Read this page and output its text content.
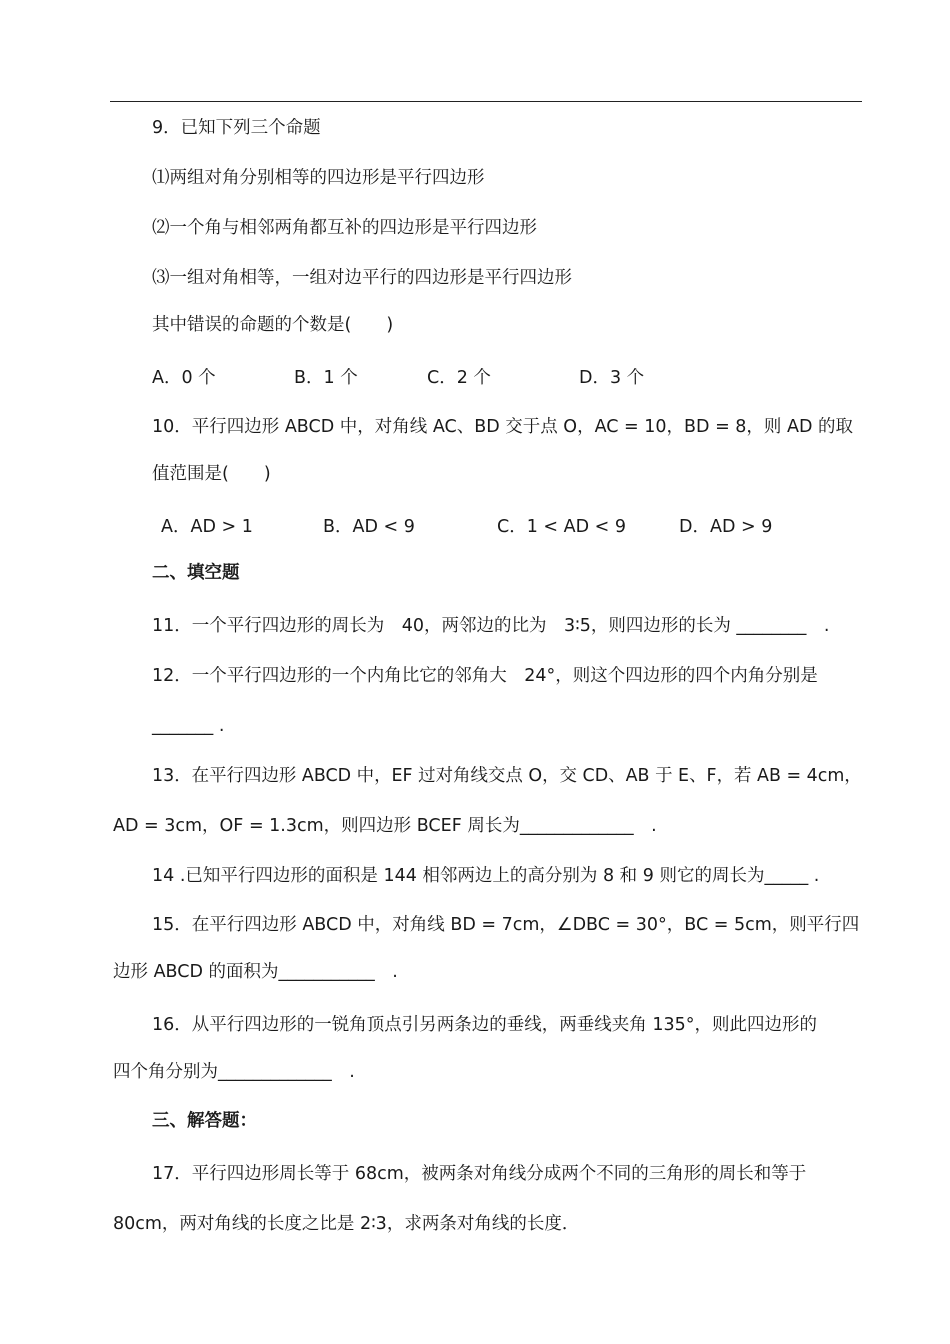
9．已知下列三个命题
⑴两组对角分别相等的四边形是平行四边形
⑵一个角与相邻两角都互补的四边形是平行四边形
⑶一组对角相等，一组对边平行的四边形是平行四边形
其中错误的命题的个数是(　　)
A．0 个	B．1 个	C．2 个	D．3 个
10．平行四边形 ABCD 中，对角线 AC、BD 交于点 O，AC = 10，BD = 8，则 AD 的取
值范围是(　　)
A．AD > 1	B．AD < 9	C．1 < AD < 9	D．AD > 9
二、填空题
11．一个平行四边形的周长为　40，两邻边的比为　3∶5，则四边形的长为 ________　.
12．一个平行四边形的一个内角比它的邻角大　24°，则这个四边形的四个内角分别是
_______ .
13．在平行四边形 ABCD 中，EF 过对角线交点 O，交 CD、AB 于 E、F，若 AB = 4cm，
AD = 3cm，OF = 1.3cm，则四边形 BCEF 周长为_____________　.
14 .已知平行四边形的面积是 144 相邻两边上的高分别为 8 和 9 则它的周长为_____ .
15．在平行四边形 ABCD 中，对角线 BD = 7cm，∠DBC = 30°，BC = 5cm，则平行四
边形 ABCD 的面积为___________　.
16．从平行四边形的一锐角顶点引另两条边的垂线，两垂线夹角 135°，则此四边形的
四个角分别为_____________　.
三、解答题：
17．平行四边形周长等于 68cm，被两条对角线分成两个不同的三角形的周长和等于
80cm，两对角线的长度之比是 2∶3，求两条对角线的长度．
